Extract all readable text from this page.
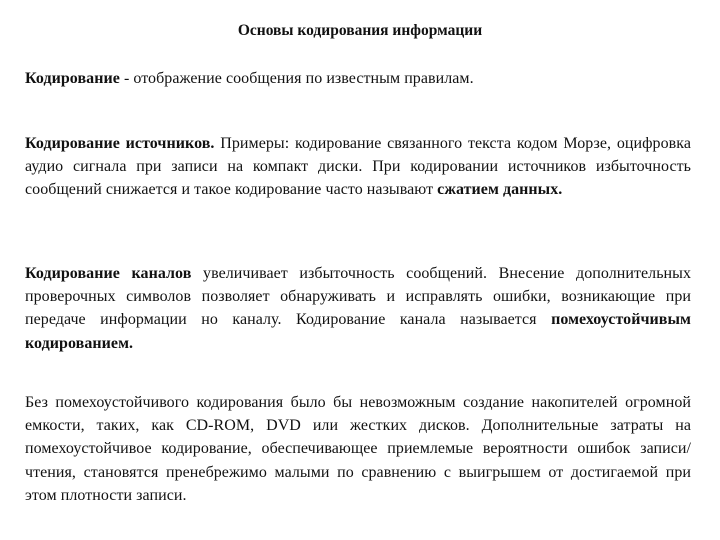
Основы кодирования информации
Кодирование - отображение сообщения по известным правилам.
Кодирование источников. Примеры: кодирование связанного текста кодом Морзе, оцифровка аудио сигнала при записи на компакт диски. При кодировании источников избыточность сообщений снижается и такое кодирование часто называют сжатием данных.
Кодирование каналов увеличивает избыточность сообщений. Внесение дополнительных проверочных символов позволяет обнаруживать и исправлять ошибки, возникающие при передаче информации но каналу. Кодирование канала называется помехоустойчивым кодированием.
Без помехоустойчивого кодирования было бы невозможным создание накопителей огромной емкости, таких, как CD-ROM, DVD или жестких дисков. Дополнительные затраты на помехоустойчивое кодирование, обеспечивающее приемлемые вероятности ошибок записи/чтения, становятся пренебрежимо малыми по сравнению с выигрышем от достигаемой при этом плотности записи.
